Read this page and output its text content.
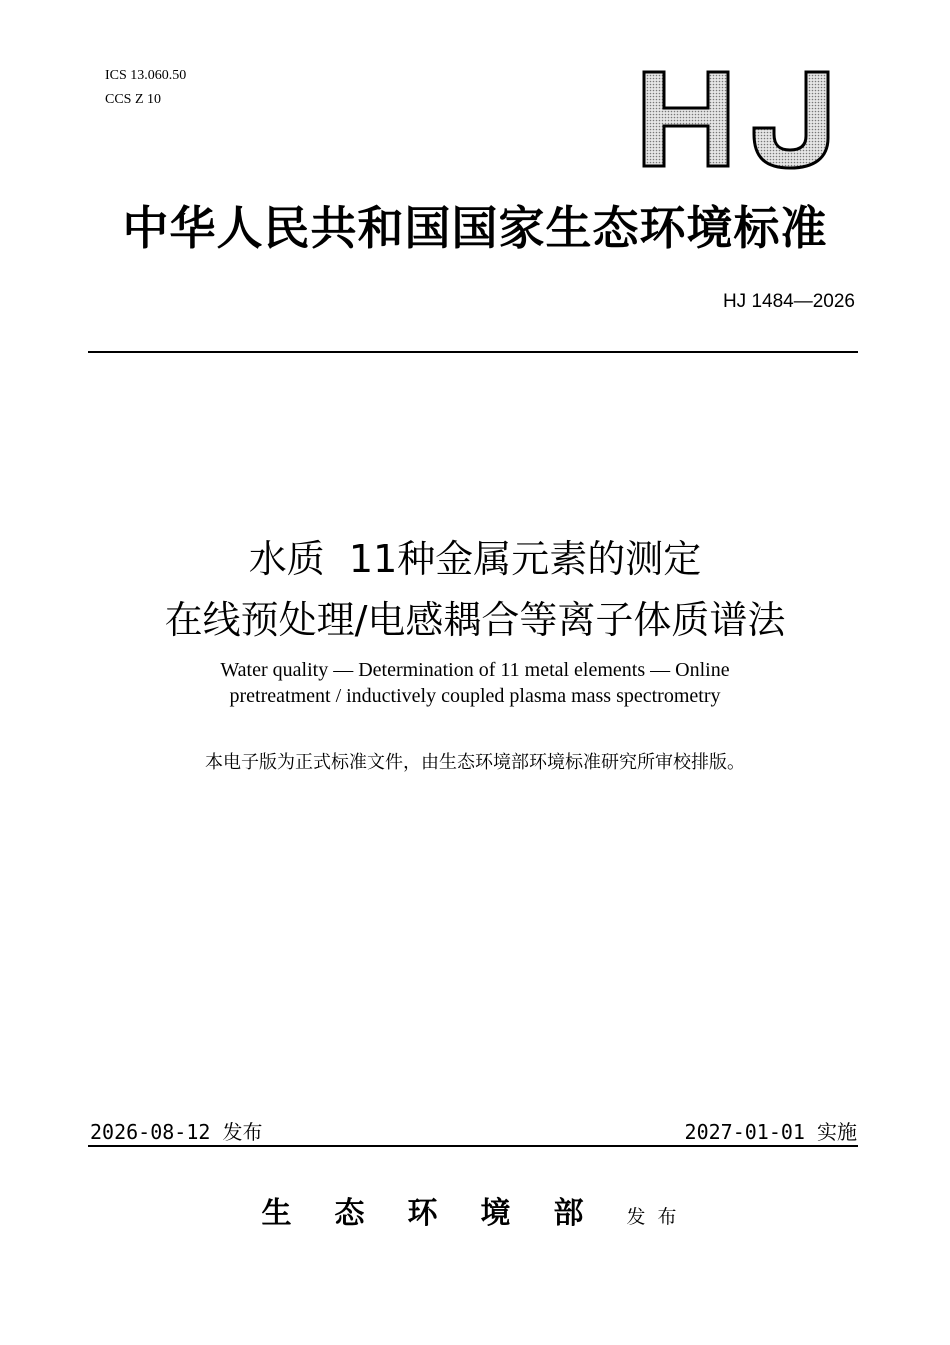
ICS 13.060.50
CCS Z 10
HJ
中华人民共和国国家生态环境标准
HJ 1484—2026
水质  11种金属元素的测定
在线预处理/电感耦合等离子体质谱法
Water quality — Determination of 11 metal elements — Online
pretreatment / inductively coupled plasma mass spectrometry
本电子版为正式标准文件，由生态环境部环境标准研究所审校排版。
2026-08-12 发布	2027-01-01 实施
生态环境部发布
